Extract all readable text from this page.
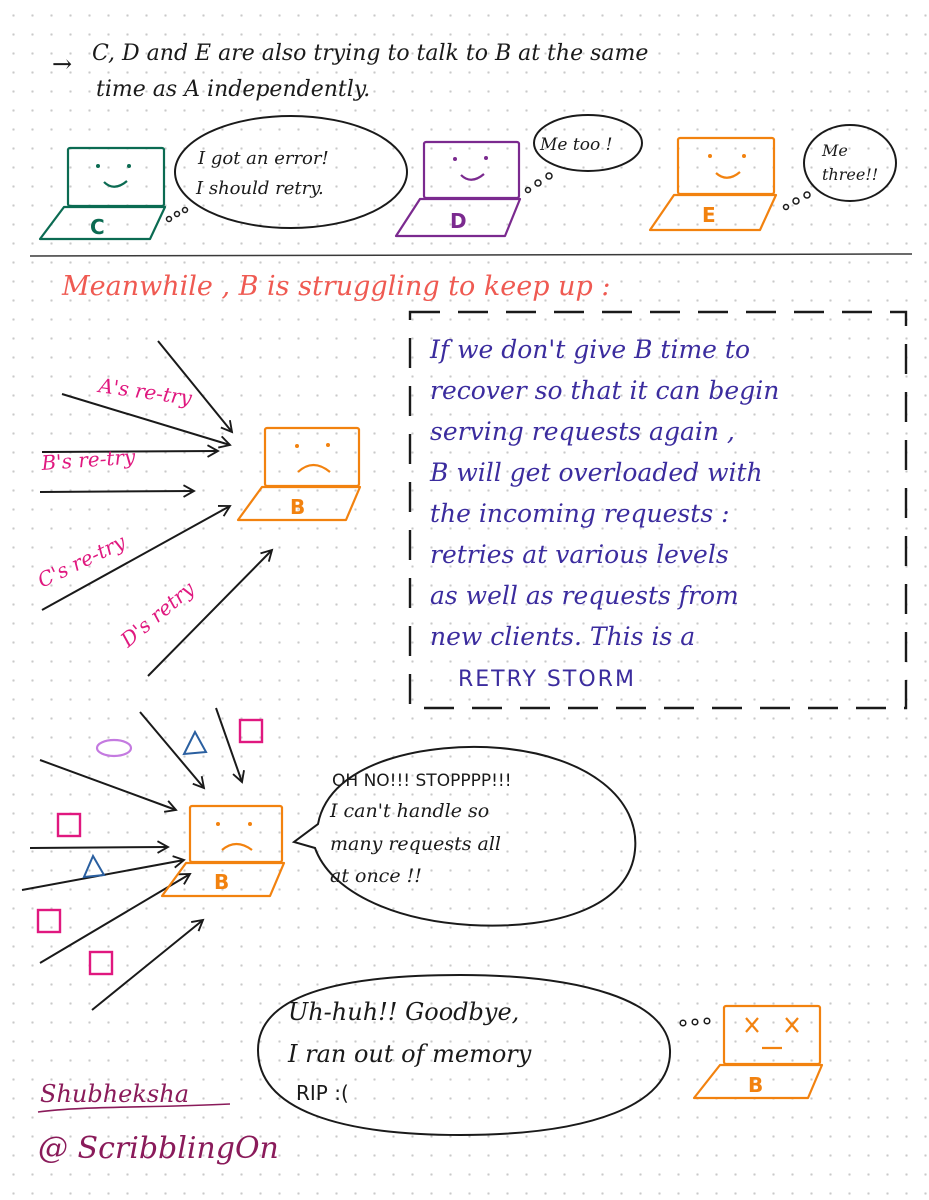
→ C, D and E are also trying to talk to B at the same
time as A independently.
C
I got an error!
I should retry.
D
Me too !
E
Me
three!!
Meanwhile , B is struggling to keep up :
A's re-try
B's re-try
C's re-try
D's retry
B
If we don't give B time to
recover so that it can begin
serving requests again ,
B will get overloaded with
the incoming requests :
retries at various levels
as well as requests from
new clients. This is a
RETRY STORM
B
OH NO!!! STOPPPP!!!
I can't handle so
many requests all
at once !!
Uh-huh!! Goodbye,
I ran out of memory
RIP :(	B
Shubheksha
@ ScribblingOn
